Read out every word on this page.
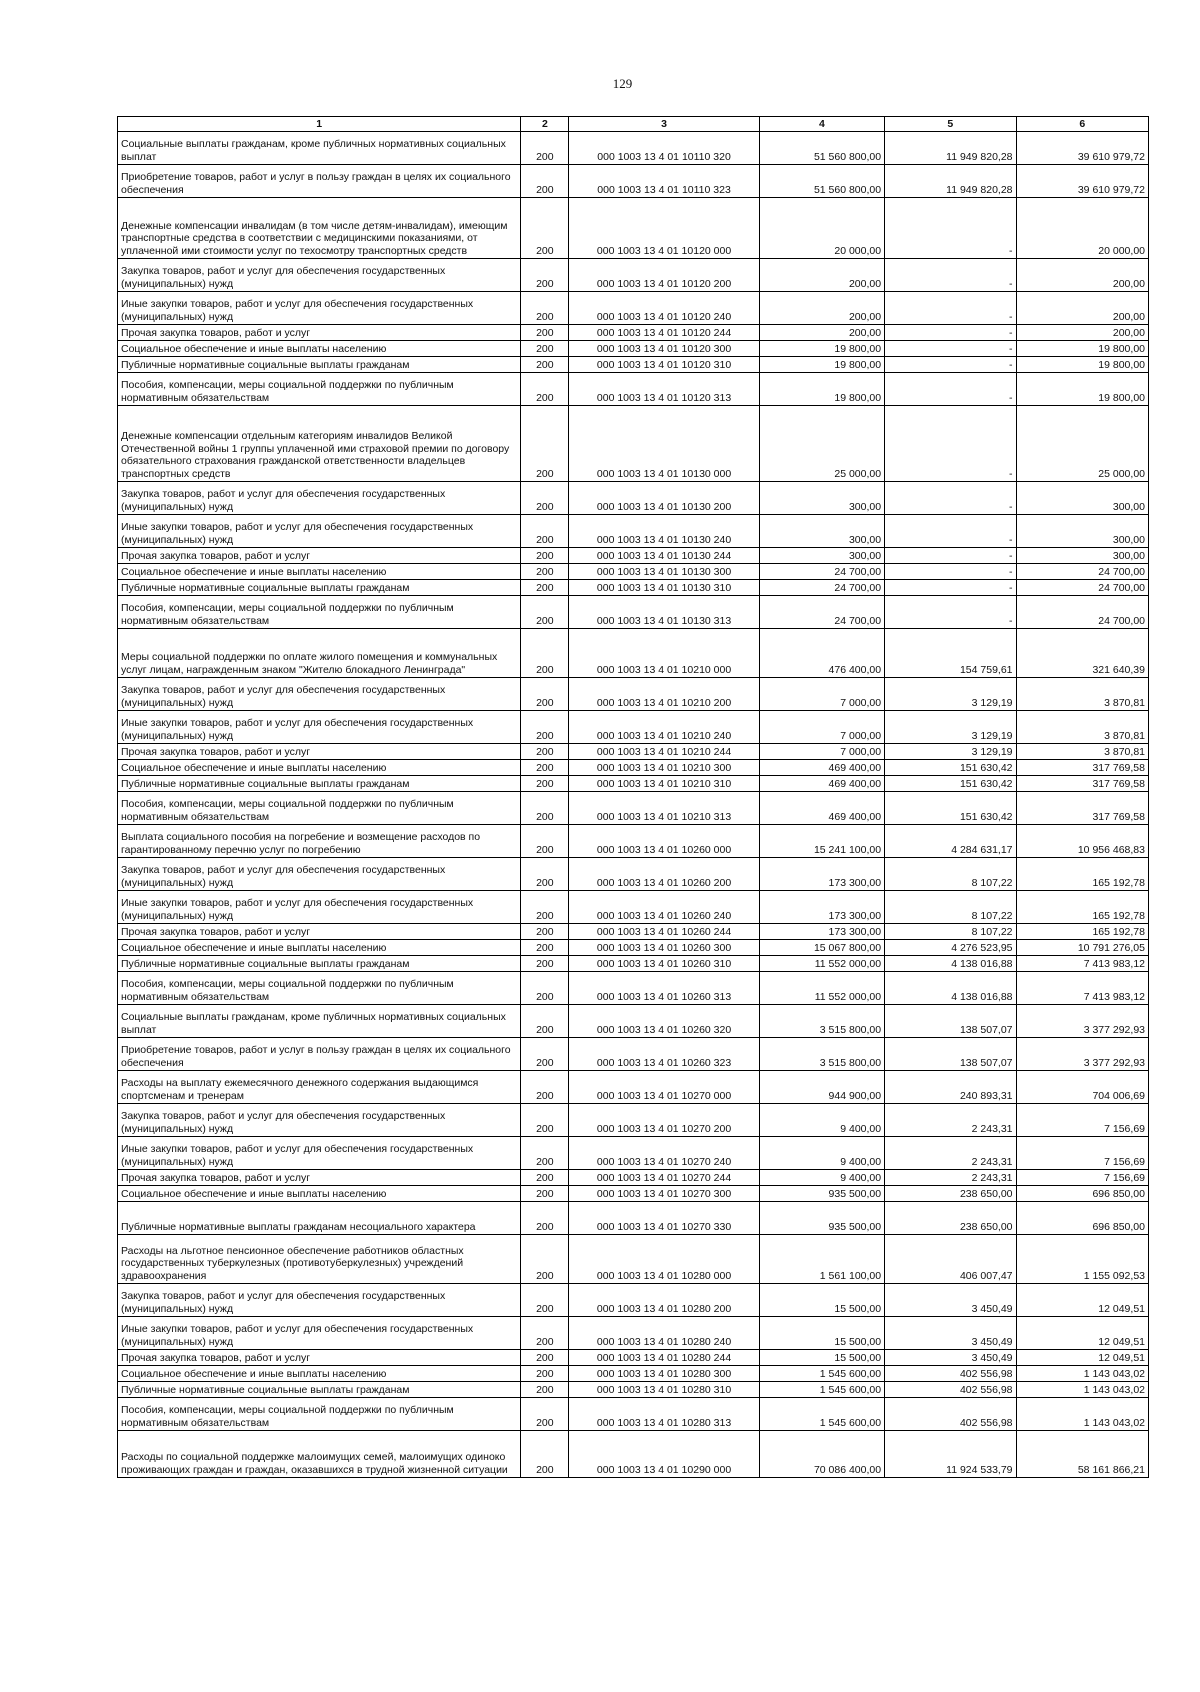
129
1	2	3	4	5	6
Социальные выплаты гражданам, кроме публичных нормативных социальных выплат	200	000 1003 13 4 01 10110 320	51 560 800,00	11 949 820,28	39 610 979,72
Приобретение товаров, работ и услуг в пользу граждан в целях их социального обеспечения	200	000 1003 13 4 01 10110 323	51 560 800,00	11 949 820,28	39 610 979,72
Денежные компенсации инвалидам (в том числе детям-инвалидам), имеющим транспортные средства в соответствии с медицинскими показаниями, от уплаченной ими стоимости услуг по техосмотру транспортных средств	200	000 1003 13 4 01 10120 000	20 000,00	-	20 000,00
Закупка товаров, работ и услуг для обеспечения государственных (муниципальных) нужд	200	000 1003 13 4 01 10120 200	200,00	-	200,00
Иные закупки товаров, работ и услуг для обеспечения государственных (муниципальных) нужд	200	000 1003 13 4 01 10120 240	200,00	-	200,00
Прочая закупка товаров, работ и услуг	200	000 1003 13 4 01 10120 244	200,00	-	200,00
Социальное обеспечение и иные выплаты населению	200	000 1003 13 4 01 10120 300	19 800,00	-	19 800,00
Публичные нормативные социальные выплаты гражданам	200	000 1003 13 4 01 10120 310	19 800,00	-	19 800,00
Пособия, компенсации, меры социальной поддержки по публичным нормативным обязательствам	200	000 1003 13 4 01 10120 313	19 800,00	-	19 800,00
Денежные компенсации отдельным категориям инвалидов Великой Отечественной войны 1 группы уплаченной ими страховой премии по договору обязательного страхования гражданской ответственности владельцев транспортных средств	200	000 1003 13 4 01 10130 000	25 000,00	-	25 000,00
Закупка товаров, работ и услуг для обеспечения государственных (муниципальных) нужд	200	000 1003 13 4 01 10130 200	300,00	-	300,00
Иные закупки товаров, работ и услуг для обеспечения государственных (муниципальных) нужд	200	000 1003 13 4 01 10130 240	300,00	-	300,00
Прочая закупка товаров, работ и услуг	200	000 1003 13 4 01 10130 244	300,00	-	300,00
Социальное обеспечение и иные выплаты населению	200	000 1003 13 4 01 10130 300	24 700,00	-	24 700,00
Публичные нормативные социальные выплаты гражданам	200	000 1003 13 4 01 10130 310	24 700,00	-	24 700,00
Пособия, компенсации, меры социальной поддержки по публичным нормативным обязательствам	200	000 1003 13 4 01 10130 313	24 700,00	-	24 700,00
Меры социальной поддержки по оплате жилого помещения и коммунальных услуг лицам, награжденным знаком "Жителю блокадного Ленинграда"	200	000 1003 13 4 01 10210 000	476 400,00	154 759,61	321 640,39
Закупка товаров, работ и услуг для обеспечения государственных (муниципальных) нужд	200	000 1003 13 4 01 10210 200	7 000,00	3 129,19	3 870,81
Иные закупки товаров, работ и услуг для обеспечения государственных (муниципальных) нужд	200	000 1003 13 4 01 10210 240	7 000,00	3 129,19	3 870,81
Прочая закупка товаров, работ и услуг	200	000 1003 13 4 01 10210 244	7 000,00	3 129,19	3 870,81
Социальное обеспечение и иные выплаты населению	200	000 1003 13 4 01 10210 300	469 400,00	151 630,42	317 769,58
Публичные нормативные социальные выплаты гражданам	200	000 1003 13 4 01 10210 310	469 400,00	151 630,42	317 769,58
Пособия, компенсации, меры социальной поддержки по публичным нормативным обязательствам	200	000 1003 13 4 01 10210 313	469 400,00	151 630,42	317 769,58
Выплата социального пособия на погребение и возмещение расходов по гарантированному перечню услуг по погребению	200	000 1003 13 4 01 10260 000	15 241 100,00	4 284 631,17	10 956 468,83
Закупка товаров, работ и услуг для обеспечения государственных (муниципальных) нужд	200	000 1003 13 4 01 10260 200	173 300,00	8 107,22	165 192,78
Иные закупки товаров, работ и услуг для обеспечения государственных (муниципальных) нужд	200	000 1003 13 4 01 10260 240	173 300,00	8 107,22	165 192,78
Прочая закупка товаров, работ и услуг	200	000 1003 13 4 01 10260 244	173 300,00	8 107,22	165 192,78
Социальное обеспечение и иные выплаты населению	200	000 1003 13 4 01 10260 300	15 067 800,00	4 276 523,95	10 791 276,05
Публичные нормативные социальные выплаты гражданам	200	000 1003 13 4 01 10260 310	11 552 000,00	4 138 016,88	7 413 983,12
Пособия, компенсации, меры социальной поддержки по публичным нормативным обязательствам	200	000 1003 13 4 01 10260 313	11 552 000,00	4 138 016,88	7 413 983,12
Социальные выплаты гражданам, кроме публичных нормативных социальных выплат	200	000 1003 13 4 01 10260 320	3 515 800,00	138 507,07	3 377 292,93
Приобретение товаров, работ и услуг в пользу граждан в целях их социального обеспечения	200	000 1003 13 4 01 10260 323	3 515 800,00	138 507,07	3 377 292,93
Расходы на выплату ежемесячного денежного содержания выдающимся спортсменам и тренерам	200	000 1003 13 4 01 10270 000	944 900,00	240 893,31	704 006,69
Закупка товаров, работ и услуг для обеспечения государственных (муниципальных) нужд	200	000 1003 13 4 01 10270 200	9 400,00	2 243,31	7 156,69
Иные закупки товаров, работ и услуг для обеспечения государственных (муниципальных) нужд	200	000 1003 13 4 01 10270 240	9 400,00	2 243,31	7 156,69
Прочая закупка товаров, работ и услуг	200	000 1003 13 4 01 10270 244	9 400,00	2 243,31	7 156,69
Социальное обеспечение и иные выплаты населению	200	000 1003 13 4 01 10270 300	935 500,00	238 650,00	696 850,00
Публичные нормативные выплаты гражданам несоциального характера	200	000 1003 13 4 01 10270 330	935 500,00	238 650,00	696 850,00
Расходы на льготное пенсионное обеспечение работников областных государственных туберкулезных (противотуберкулезных) учреждений здравоохранения	200	000 1003 13 4 01 10280 000	1 561 100,00	406 007,47	1 155 092,53
Закупка товаров, работ и услуг для обеспечения государственных (муниципальных) нужд	200	000 1003 13 4 01 10280 200	15 500,00	3 450,49	12 049,51
Иные закупки товаров, работ и услуг для обеспечения государственных (муниципальных) нужд	200	000 1003 13 4 01 10280 240	15 500,00	3 450,49	12 049,51
Прочая закупка товаров, работ и услуг	200	000 1003 13 4 01 10280 244	15 500,00	3 450,49	12 049,51
Социальное обеспечение и иные выплаты населению	200	000 1003 13 4 01 10280 300	1 545 600,00	402 556,98	1 143 043,02
Публичные нормативные социальные выплаты гражданам	200	000 1003 13 4 01 10280 310	1 545 600,00	402 556,98	1 143 043,02
Пособия, компенсации, меры социальной поддержки по публичным нормативным обязательствам	200	000 1003 13 4 01 10280 313	1 545 600,00	402 556,98	1 143 043,02
Расходы по социальной поддержке малоимущих семей, малоимущих одиноко проживающих граждан и граждан, оказавшихся в трудной жизненной ситуации	200	000 1003 13 4 01 10290 000	70 086 400,00	11 924 533,79	58 161 866,21
